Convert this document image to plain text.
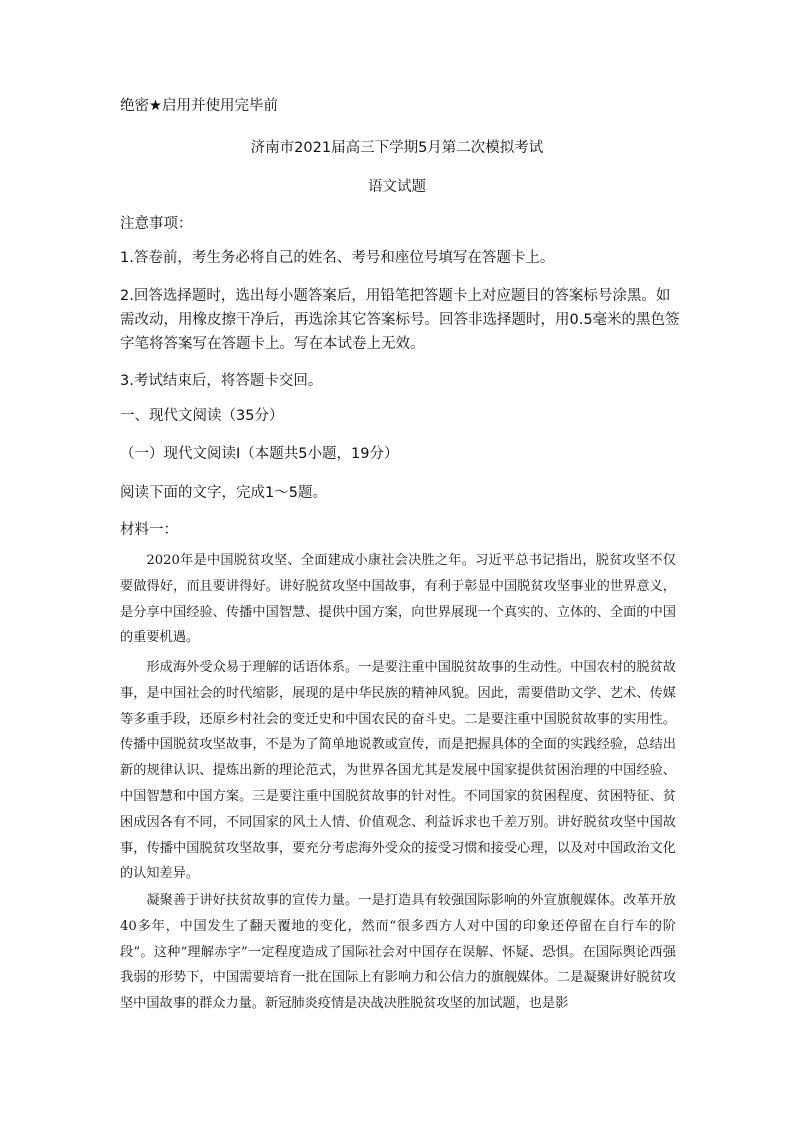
绝密★启用并使用完毕前
济南市2021届高三下学期5月第二次模拟考试
语文试题
注意事项：
1.答卷前，考生务必将自己的姓名、考号和座位号填写在答题卡上。
2.回答选择题时，选出每小题答案后，用铅笔把答题卡上对应题目的答案标号涂黑。如需改动，用橡皮擦干净后，再选涂其它答案标号。回答非选择题时，用0.5毫米的黑色签字笔将答案写在答题卡上。写在本试卷上无效。
3.考试结束后，将答题卡交回。
一、现代文阅读（35分）
（一）现代文阅读Ⅰ（本题共5小题，19分）
阅读下面的文字，完成1～5题。
材料一：
2020年是中国脱贫攻坚、全面建成小康社会决胜之年。习近平总书记指出，脱贫攻坚不仅要做得好，而且要讲得好。讲好脱贫攻坚中国故事，有利于彰显中国脱贫攻坚事业的世界意义，是分享中国经验、传播中国智慧、提供中国方案，向世界展现一个真实的、立体的、全面的中国的重要机遇。
形成海外受众易于理解的话语体系。一是要注重中国脱贫故事的生动性。中国农村的脱贫故事，是中国社会的时代缩影，展现的是中华民族的精神风貌。因此，需要借助文学、艺术、传媒等多重手段，还原乡村社会的变迁史和中国农民的奋斗史。二是要注重中国脱贫故事的实用性。传播中国脱贫攻坚故事，不是为了简单地说教或宣传，而是把握具体的全面的实践经验，总结出新的规律认识、提炼出新的理论范式，为世界各国尤其是发展中国家提供贫困治理的中国经验、中国智慧和中国方案。三是要注重中国脱贫故事的针对性。不同国家的贫困程度、贫困特征、贫困成因各有不同，不同国家的风土人情、价值观念、利益诉求也千差万别。讲好脱贫攻坚中国故事，传播中国脱贫攻坚故事，要充分考虑海外受众的接受习惯和接受心理，以及对中国政治文化的认知差异。
凝聚善于讲好扶贫故事的宣传力量。一是打造具有较强国际影响的外宣旗舰媒体。改革开放40多年，中国发生了翻天覆地的变化，然而“很多西方人对中国的印象还停留在自行车的阶段”。这种“理解赤字”一定程度造成了国际社会对中国存在误解、怀疑、恐惧。在国际舆论西强我弱的形势下，中国需要培育一批在国际上有影响力和公信力的旗舰媒体。二是凝聚讲好脱贫攻坚中国故事的群众力量。新冠肺炎疫情是决战决胜脱贫攻坚的加试题，也是影
